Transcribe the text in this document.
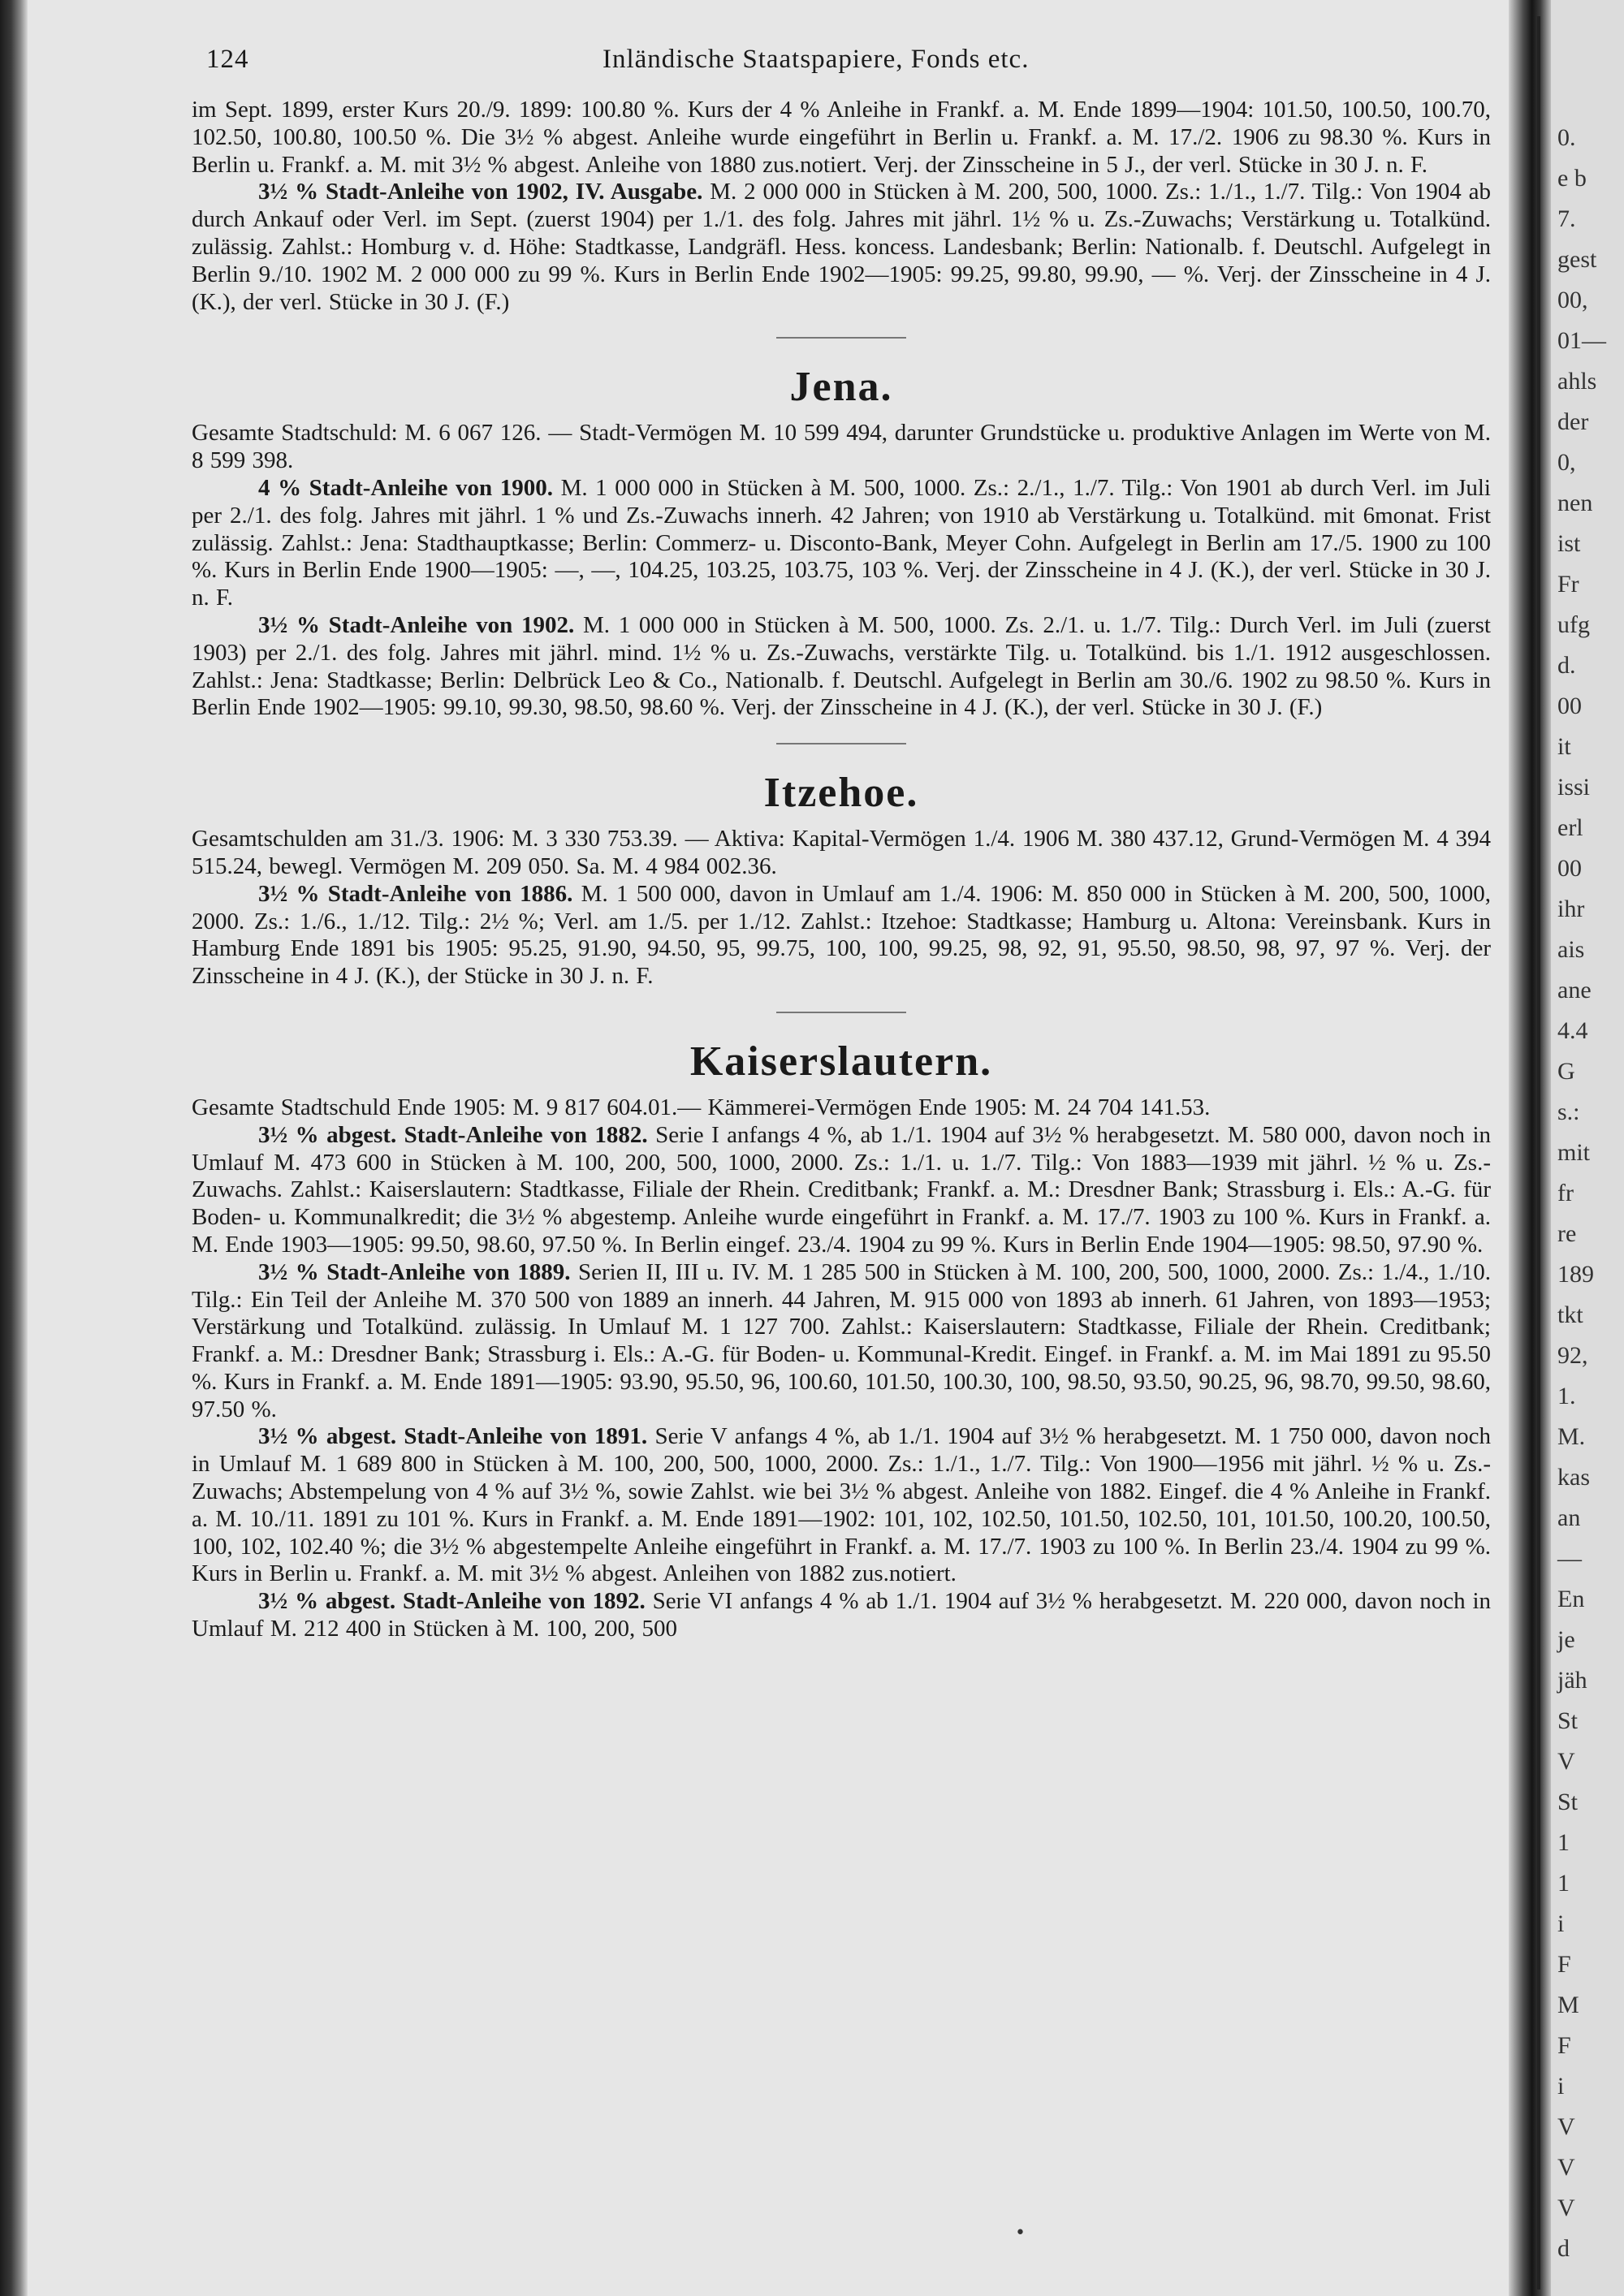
0.
e b
7.
gest
00,
01—
ahls
der
0,
nen
ist
Fr
ufg
d.
00
it
issi
erl
00
ihr
ais
ane
4.4
G
s.:
mit
fr
re
189
tkt
92,
1.
M.
kas
an
—
En
je
jäh
St
V
St
1
1
i
F
M
F
i
V
V
V
d
124	Inländische Staatspapiere, Fonds etc.

im Sept. 1899, erster Kurs 20./9. 1899: 100.80 %. Kurs der 4 % Anleihe in Frankf. a. M. Ende 1899—1904: 101.50, 100.50, 100.70, 102.50, 100.80, 100.50 %. Die 3½ % abgest. Anleihe wurde eingeführt in Berlin u. Frankf. a. M. 17./2. 1906 zu 98.30 %. Kurs in Berlin u. Frankf. a. M. mit 3½ % abgest. Anleihe von 1880 zus.notiert. Verj. der Zinsscheine in 5 J., der verl. Stücke in 30 J. n. F.

3½ % Stadt-Anleihe von 1902, IV. Ausgabe. M. 2 000 000 in Stücken à M. 200, 500, 1000. Zs.: 1./1., 1./7. Tilg.: Von 1904 ab durch Ankauf oder Verl. im Sept. (zuerst 1904) per 1./1. des folg. Jahres mit jährl. 1½ % u. Zs.-Zuwachs; Verstärkung u. Totalkünd. zulässig. Zahlst.: Homburg v. d. Höhe: Stadtkasse, Landgräfl. Hess. koncess. Landesbank; Berlin: Nationalb. f. Deutschl. Aufgelegt in Berlin 9./10. 1902 M. 2 000 000 zu 99 %. Kurs in Berlin Ende 1902—1905: 99.25, 99.80, 99.90, — %. Verj. der Zinsscheine in 4 J. (K.), der verl. Stücke in 30 J. (F.)

Jena.

Gesamte Stadtschuld: M. 6 067 126. — Stadt-Vermögen M. 10 599 494, darunter Grundstücke u. produktive Anlagen im Werte von M. 8 599 398.

4 % Stadt-Anleihe von 1900. M. 1 000 000 in Stücken à M. 500, 1000. Zs.: 2./1., 1./7. Tilg.: Von 1901 ab durch Verl. im Juli per 2./1. des folg. Jahres mit jährl. 1 % und Zs.-Zuwachs innerh. 42 Jahren; von 1910 ab Verstärkung u. Totalkünd. mit 6monat. Frist zulässig. Zahlst.: Jena: Stadthauptkasse; Berlin: Commerz- u. Disconto-Bank, Meyer Cohn. Aufgelegt in Berlin am 17./5. 1900 zu 100 %. Kurs in Berlin Ende 1900—1905: —, —, 104.25, 103.25, 103.75, 103 %. Verj. der Zinsscheine in 4 J. (K.), der verl. Stücke in 30 J. n. F.

3½ % Stadt-Anleihe von 1902. M. 1 000 000 in Stücken à M. 500, 1000. Zs. 2./1. u. 1./7. Tilg.: Durch Verl. im Juli (zuerst 1903) per 2./1. des folg. Jahres mit jährl. mind. 1½ % u. Zs.-Zuwachs, verstärkte Tilg. u. Totalkünd. bis 1./1. 1912 ausgeschlossen. Zahlst.: Jena: Stadtkasse; Berlin: Delbrück Leo & Co., Nationalb. f. Deutschl. Aufgelegt in Berlin am 30./6. 1902 zu 98.50 %. Kurs in Berlin Ende 1902—1905: 99.10, 99.30, 98.50, 98.60 %. Verj. der Zinsscheine in 4 J. (K.), der verl. Stücke in 30 J. (F.)

Itzehoe.

Gesamtschulden am 31./3. 1906: M. 3 330 753.39. — Aktiva: Kapital-Vermögen 1./4. 1906 M. 380 437.12, Grund-Vermögen M. 4 394 515.24, bewegl. Vermögen M. 209 050. Sa. M. 4 984 002.36.

3½ % Stadt-Anleihe von 1886. M. 1 500 000, davon in Umlauf am 1./4. 1906: M. 850 000 in Stücken à M. 200, 500, 1000, 2000. Zs.: 1./6., 1./12. Tilg.: 2½ %; Verl. am 1./5. per 1./12. Zahlst.: Itzehoe: Stadtkasse; Hamburg u. Altona: Vereinsbank. Kurs in Hamburg Ende 1891 bis 1905: 95.25, 91.90, 94.50, 95, 99.75, 100, 100, 99.25, 98, 92, 91, 95.50, 98.50, 98, 97, 97 %. Verj. der Zinsscheine in 4 J. (K.), der Stücke in 30 J. n. F.

Kaiserslautern.

Gesamte Stadtschuld Ende 1905: M. 9 817 604.01.— Kämmerei-Vermögen Ende 1905: M. 24 704 141.53.

3½ % abgest. Stadt-Anleihe von 1882. Serie I anfangs 4 %, ab 1./1. 1904 auf 3½ % herabgesetzt. M. 580 000, davon noch in Umlauf M. 473 600 in Stücken à M. 100, 200, 500, 1000, 2000. Zs.: 1./1. u. 1./7. Tilg.: Von 1883—1939 mit jährl. ½ % u. Zs.-Zuwachs. Zahlst.: Kaiserslautern: Stadtkasse, Filiale der Rhein. Creditbank; Frankf. a. M.: Dresdner Bank; Strassburg i. Els.: A.-G. für Boden- u. Kommunalkredit; die 3½ % abgestemp. Anleihe wurde eingeführt in Frankf. a. M. 17./7. 1903 zu 100 %. Kurs in Frankf. a. M. Ende 1903—1905: 99.50, 98.60, 97.50 %. In Berlin eingef. 23./4. 1904 zu 99 %. Kurs in Berlin Ende 1904—1905: 98.50, 97.90 %.

3½ % Stadt-Anleihe von 1889. Serien II, III u. IV. M. 1 285 500 in Stücken à M. 100, 200, 500, 1000, 2000. Zs.: 1./4., 1./10. Tilg.: Ein Teil der Anleihe M. 370 500 von 1889 an innerh. 44 Jahren, M. 915 000 von 1893 ab innerh. 61 Jahren, von 1893—1953; Verstärkung und Totalkünd. zulässig. In Umlauf M. 1 127 700. Zahlst.: Kaiserslautern: Stadtkasse, Filiale der Rhein. Creditbank; Frankf. a. M.: Dresdner Bank; Strassburg i. Els.: A.-G. für Boden- u. Kommunal-Kredit. Eingef. in Frankf. a. M. im Mai 1891 zu 95.50 %. Kurs in Frankf. a. M. Ende 1891—1905: 93.90, 95.50, 96, 100.60, 101.50, 100.30, 100, 98.50, 93.50, 90.25, 96, 98.70, 99.50, 98.60, 97.50 %.

3½ % abgest. Stadt-Anleihe von 1891. Serie V anfangs 4 %, ab 1./1. 1904 auf 3½ % herabgesetzt. M. 1 750 000, davon noch in Umlauf M. 1 689 800 in Stücken à M. 100, 200, 500, 1000, 2000. Zs.: 1./1., 1./7. Tilg.: Von 1900—1956 mit jährl. ½ % u. Zs.-Zuwachs; Abstempelung von 4 % auf 3½ %, sowie Zahlst. wie bei 3½ % abgest. Anleihe von 1882. Eingef. die 4 % Anleihe in Frankf. a. M. 10./11. 1891 zu 101 %. Kurs in Frankf. a. M. Ende 1891—1902: 101, 102, 102.50, 101.50, 102.50, 101, 101.50, 100.20, 100.50, 100, 102, 102.40 %; die 3½ % abgestempelte Anleihe eingeführt in Frankf. a. M. 17./7. 1903 zu 100 %. In Berlin 23./4. 1904 zu 99 %. Kurs in Berlin u. Frankf. a. M. mit 3½ % abgest. Anleihen von 1882 zus.notiert.

3½ % abgest. Stadt-Anleihe von 1892. Serie VI anfangs 4 % ab 1./1. 1904 auf 3½ % herabgesetzt. M. 220 000, davon noch in Umlauf M. 212 400 in Stücken à M. 100, 200, 500

•
